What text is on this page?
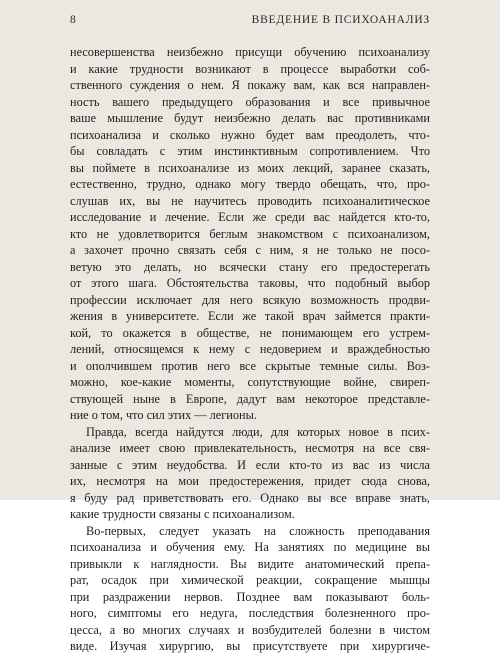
8	ВВЕДЕНИЕ В ПСИХОАНАЛИЗ
несовершенства неизбежно присущи обучению психоанализу
и какие трудности возникают в процессе выработки соб-
ственного суждения о нем. Я покажу вам, как вся направлен-
ность вашего предыдущего образования и все привычное
ваше мышление будут неизбежно делать вас противниками
психоанализа и сколько нужно будет вам преодолеть, что-
бы совладать с этим инстинктивным сопротивлением. Что
вы поймете в психоанализе из моих лекций, заранее сказать,
естественно, трудно, однако могу твердо обещать, что, прo-
слушав их, вы не научитесь проводить психоаналитическое
исследование и лечение. Если же среди вас найдется кто-то,
кто не удовлетворится беглым знакомством с психоанализом,
а захочет прочно связать себя с ним, я не только не посо-
ветую это делать, но всячески стану его предостерегать
от этого шага. Обстоятельства таковы, что подобный выбор
профессии исключает для него всякую возможность продви-
жения в университете. Если же такой врач займется практи-
кой, то окажется в обществе, не понимающем его устрем-
лений, относящемся к нему с недоверием и враждебностью
и ополчившем против него все скрытые темные силы. Воз-
можно, кое-какие моменты, сопутствующие войне, свиреп-
ствующей ныне в Европе, дадут вам некоторое представле-
ние о том, что сил этих — легионы.
Правда, всегда найдутся люди, для которых новое в псих-
анализе имеет свою привлекательность, несмотря на все свя-
занные с этим неудобства. И если кто-то из вас из числа
их, несмотря на мои предостережения, придет сюда снова,
я буду рад приветствовать его. Однако вы все вправе знать,
какие трудности связаны с психоанализом.
Во-первых, следует указать на сложность преподавания
психоанализа и обучения ему. На занятиях по медицине вы
привыкли к наглядности. Вы видите анатомический препа-
рат, осадок при химической реакции, сокращение мышцы
при раздражении нервов. Позднее вам показывают боль-
ного, симптомы его недуга, последствия болезненного про-
цесса, а во многих случаях и возбудителей болезни в чистом
виде. Изучая хирургию, вы присутствуете при хирургиче-
